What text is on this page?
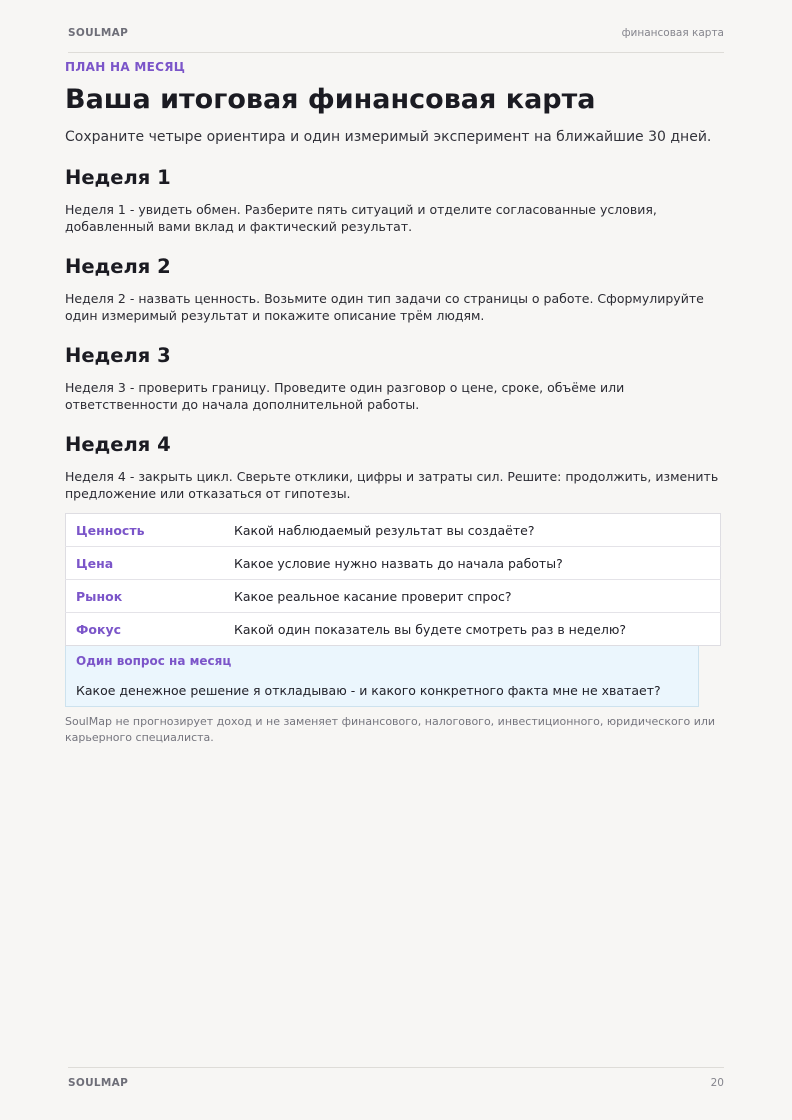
SOULMAP	финансовая карта

ПЛАН НА МЕСЯЦ

Ваша итоговая финансовая карта

Сохраните четыре ориентира и один измеримый эксперимент на ближайшие 30 дней.

Неделя 1

Неделя 1 - увидеть обмен. Разберите пять ситуаций и отделите согласованные условия, добавленный вами вклад и фактический результат.

Неделя 2

Неделя 2 - назвать ценность. Возьмите один тип задачи со страницы о работе. Сформулируйте один измеримый результат и покажите описание трём людям.

Неделя 3

Неделя 3 - проверить границу. Проведите один разговор о цене, сроке, объёме или ответственности до начала дополнительной работы.

Неделя 4

Неделя 4 - закрыть цикл. Сверьте отклики, цифры и затраты сил. Решите: продолжить, изменить предложение или отказаться от гипотезы.

Ценность	Какой наблюдаемый результат вы создаёте?
Цена	Какое условие нужно назвать до начала работы?
Рынок	Какое реальное касание проверит спрос?
Фокус	Какой один показатель вы будете смотреть раз в неделю?

Один вопрос на месяц

Какое денежное решение я откладываю - и какого конкретного факта мне не хватает?

SoulMap не прогнозирует доход и не заменяет финансового, налогового, инвестиционного, юридического или карьерного специалиста.

SOULMAP	20
